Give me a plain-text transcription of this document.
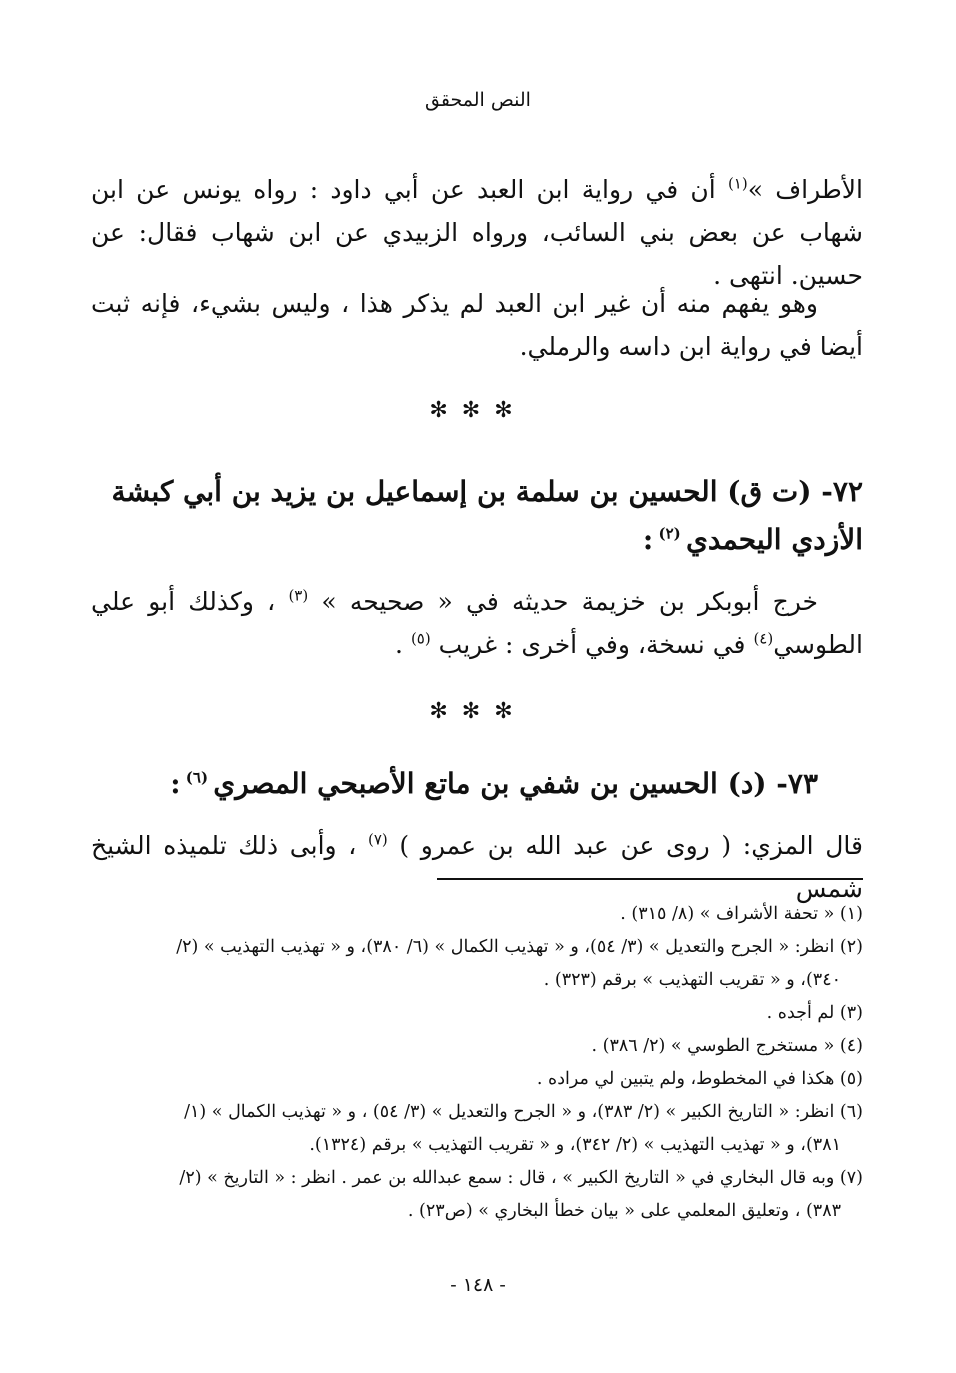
النص المحقق

الأطراف »$^{(١)}$ أن في رواية ابن العبد عن أبي داود : رواه يونس عن ابن شهاب عن بعض بني السائب، ورواه الزبيدي عن ابن شهاب فقال: عن حسين. انتهى .

وهو يفهم منه أن غير ابن العبد لم يذكر هذا ، وليس بشيء، فإنه ثبت أيضا في رواية ابن داسه والرملي.

✻✻✻
٧٢- (ت ق) الحسين بن سلمة بن إسماعيل بن يزيد بن أبي كبشة الأزدي اليحمدي $^{(٢)}$ :

خرج أبوبكر بن خزيمة حديثه في « صحيحه » $^{(٣)}$ ، وكذلك أبو علي الطوسي$^{(٤)}$ في نسخة، وفي أخرى : غريب $^{(٥)}$ .

✻✻✻
٧٣- (د) الحسين بن شفي بن ماتع الأصبحي المصري $^{(٦)}$ :

قال المزي: ( روى عن عبد الله بن عمرو ) $^{(٧)}$ ، وأبى ذلك تلميذه الشيخ شمس

(١) « تحفة الأشراف » (٨/ ٣١٥) .

(٢) انظر: « الجرح والتعديل » (٣/ ٥٤)، و « تهذيب الكمال » (٦/ ٣٨٠)، و « تهذيب التهذيب » (٢/
٣٤٠)، و « تقريب التهذيب » برقم (٣٢٣) .

(٣) لم أجده .

(٤) « مستخرج الطوسي » (٢/ ٣٨٦) .

(٥) هكذا في المخطوط، ولم يتبين لي مراده .

(٦) انظر: « التاريخ الكبير » (٢/ ٣٨٣)، و « الجرح والتعديل » (٣/ ٥٤) ، و « تهذيب الكمال » (١/
٣٨١)، و « تهذيب التهذيب » (٢/ ٣٤٢)، و « تقريب التهذيب » برقم (١٣٢٤).

(٧) وبه قال البخاري في « التاريخ الكبير » ، قال : سمع عبدالله بن عمر . انظر : « التاريخ » (٢/
٣٨٣) ، وتعليق المعلمي على « بيان خطأ البخاري » (ص٢٣) .

- ١٤٨ -
